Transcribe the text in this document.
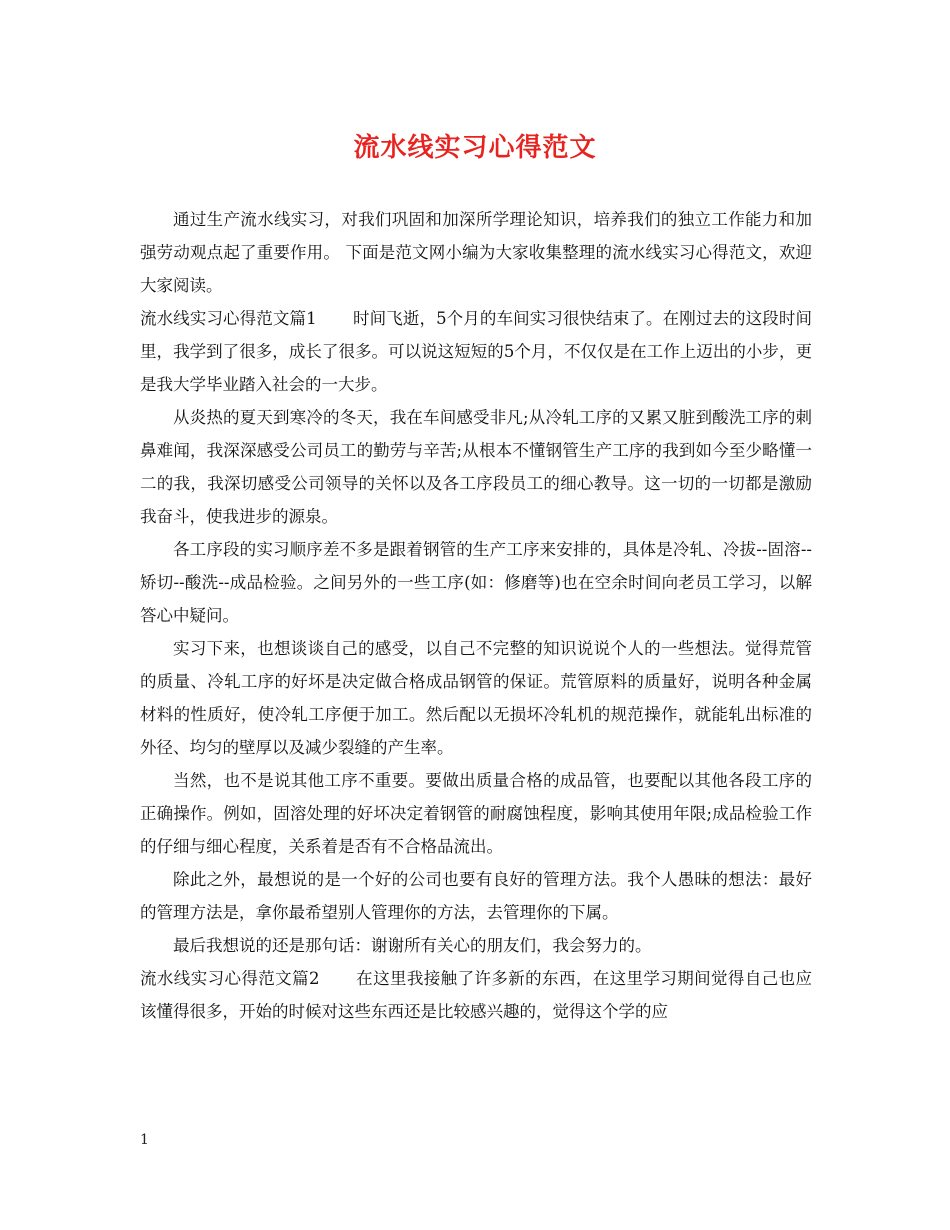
流水线实习心得范文

通过生产流水线实习，对我们巩固和加深所学理论知识，培养我们的独立工作能力和加强劳动观点起了重要作用。 下面是范文网小编为大家收集整理的流水线实习心得范文，欢迎大家阅读。

流水线实习心得范文篇1 时间飞逝，5个月的车间实习很快结束了。在刚过去的这段时间里，我学到了很多，成长了很多。可以说这短短的5个月，不仅仅是在工作上迈出的小步，更是我大学毕业踏入社会的一大步。

从炎热的夏天到寒冷的冬天，我在车间感受非凡;从冷轧工序的又累又脏到酸洗工序的刺鼻难闻，我深深感受公司员工的勤劳与辛苦;从根本不懂钢管生产工序的我到如今至少略懂一二的我，我深切感受公司领导的关怀以及各工序段员工的细心教导。这一切的一切都是激励我奋斗，使我进步的源泉。

各工序段的实习顺序差不多是跟着钢管的生产工序来安排的，具体是冷轧、冷拔--固溶--矫切--酸洗--成品检验。之间另外的一些工序(如：修磨等)也在空余时间向老员工学习，以解答心中疑问。

实习下来，也想谈谈自己的感受，以自己不完整的知识说说个人的一些想法。觉得荒管的质量、冷轧工序的好坏是决定做合格成品钢管的保证。荒管原料的质量好，说明各种金属材料的性质好，使冷轧工序便于加工。然后配以无损坏冷轧机的规范操作，就能轧出标准的外径、均匀的壁厚以及减少裂缝的产生率。

当然，也不是说其他工序不重要。要做出质量合格的成品管，也要配以其他各段工序的正确操作。例如，固溶处理的好坏决定着钢管的耐腐蚀程度，影响其使用年限;成品检验工作的仔细与细心程度，关系着是否有不合格品流出。

除此之外，最想说的是一个好的公司也要有良好的管理方法。我个人愚昧的想法：最好的管理方法是，拿你最希望别人管理你的方法，去管理你的下属。

最后我想说的还是那句话：谢谢所有关心的朋友们，我会努力的。

流水线实习心得范文篇2 在这里我接触了许多新的东西，在这里学习期间觉得自己也应该懂得很多，开始的时候对这些东西还是比较感兴趣的，觉得这个学的应

1
